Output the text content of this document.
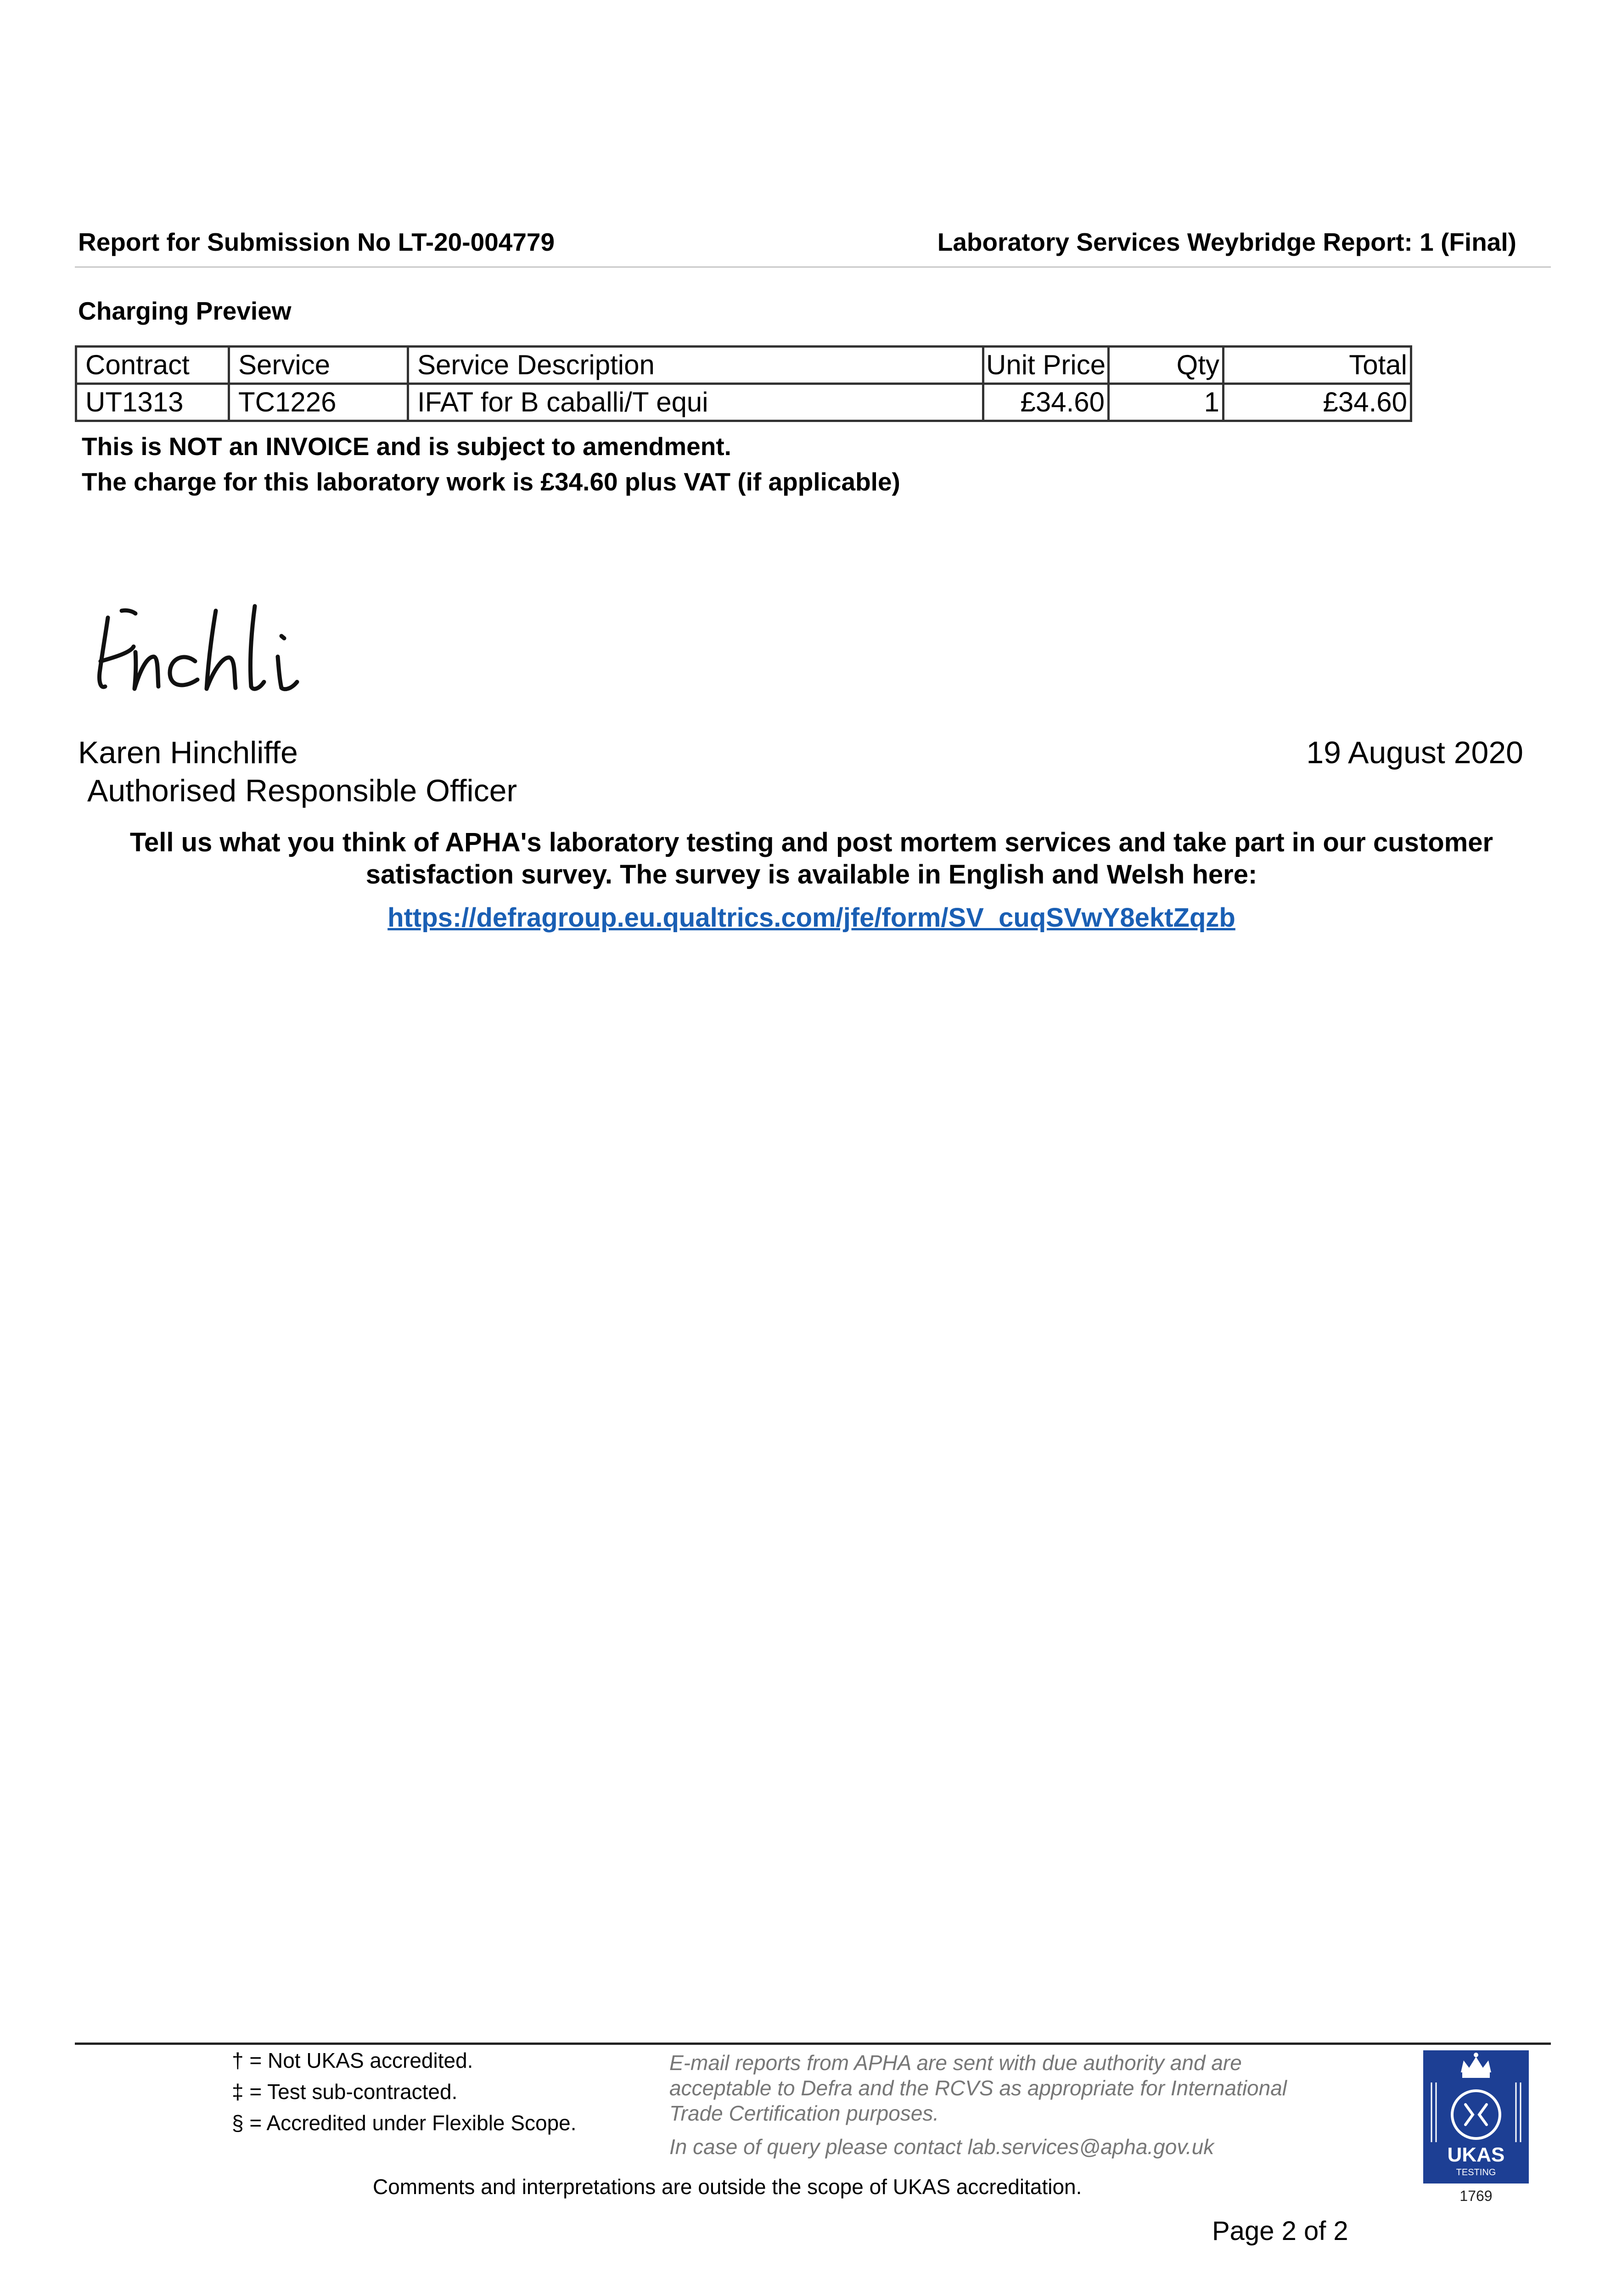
Report for Submission No LT-20-004779	Laboratory Services Weybridge Report: 1 (Final)
Charging Preview
Contract	Service	Service Description	Unit Price	Qty	Total
UT1313	TC1226	IFAT for B caballi/T equi	£34.60	1	£34.60
This is NOT an INVOICE and is subject to amendment.
The charge for this laboratory work is £34.60 plus VAT (if applicable)
Hinchli
Karen Hinchliffe
Authorised Responsible Officer
19 August 2020
Tell us what you think of APHA's laboratory testing and post mortem services and take part in our customer
satisfaction survey. The survey is available in English and Welsh here:
https://defragroup.eu.qualtrics.com/jfe/form/SV_cuqSVwY8ektZqzb
† = Not UKAS accredited.
‡ = Test sub-contracted.
§ = Accredited under Flexible Scope.
E-mail reports from APHA are sent with due authority and are
acceptable to Defra and the RCVS as appropriate for International
Trade Certification purposes.
In case of query please contact lab.services@apha.gov.uk
Comments and interpretations are outside the scope of UKAS accreditation.
UKAS
TESTING
1769
Page 2 of 2
